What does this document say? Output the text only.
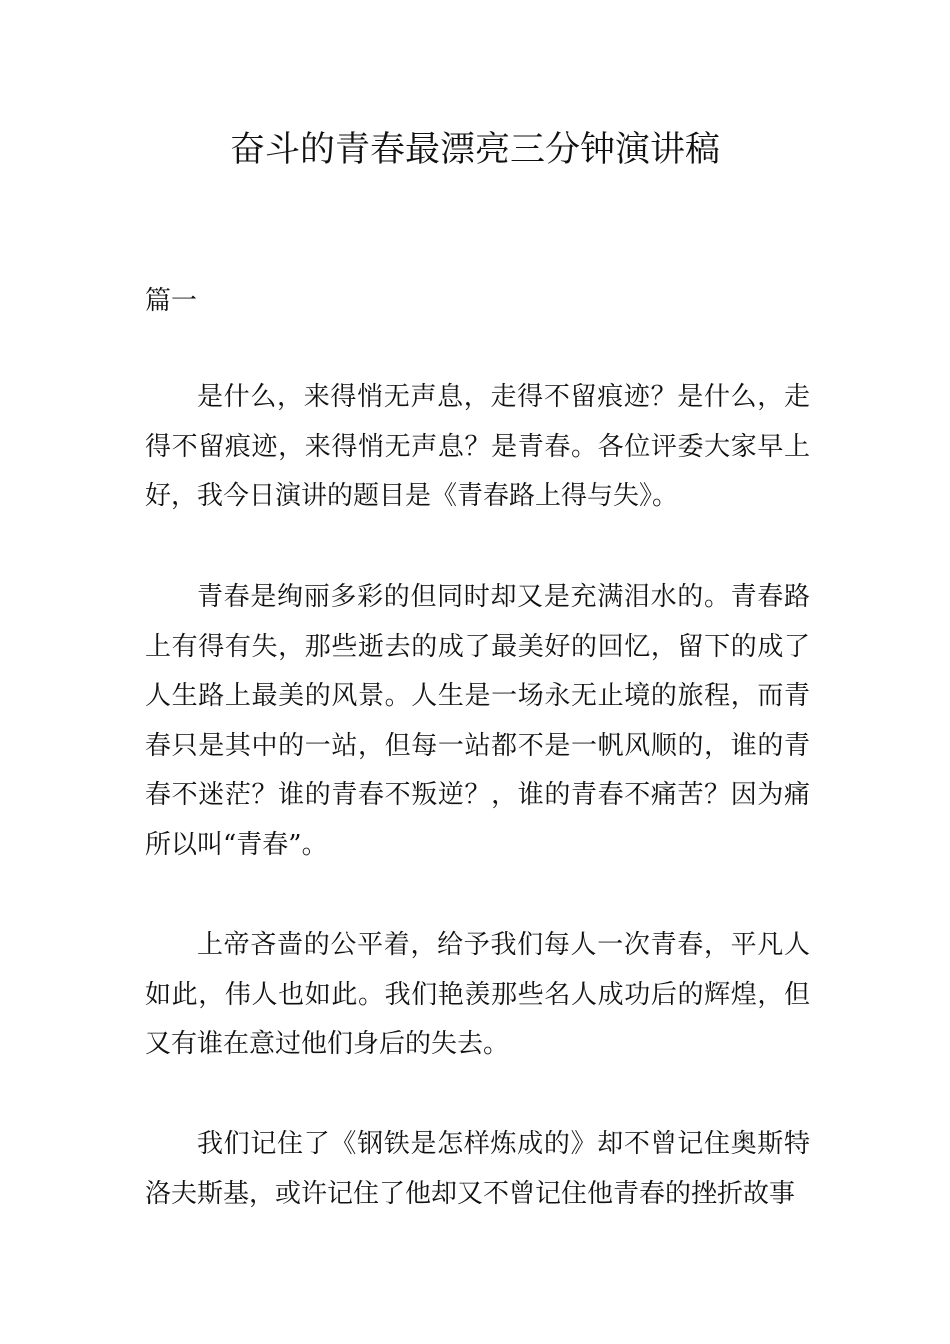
奋斗的青春最漂亮三分钟演讲稿
篇一

是什么，来得悄无声息，走得不留痕迹？是什么，走得不留痕迹，来得悄无声息？是青春。各位评委大家早上好，我今日演讲的题目是《青春路上得与失》。

青春是绚丽多彩的但同时却又是充满泪水的。青春路上有得有失，那些逝去的成了最美好的回忆，留下的成了人生路上最美的风景。人生是一场永无止境的旅程，而青春只是其中的一站，但每一站都不是一帆风顺的，谁的青春不迷茫？谁的青春不叛逆？，谁的青春不痛苦？因为痛所以叫“青春”。

上帝吝啬的公平着，给予我们每人一次青春，平凡人如此，伟人也如此。我们艳羡那些名人成功后的辉煌，但又有谁在意过他们身后的失去。

我们记住了《钢铁是怎样炼成的》却不曾记住奥斯特洛夫斯基，或许记住了他却又不曾记住他青春的挫折故事
